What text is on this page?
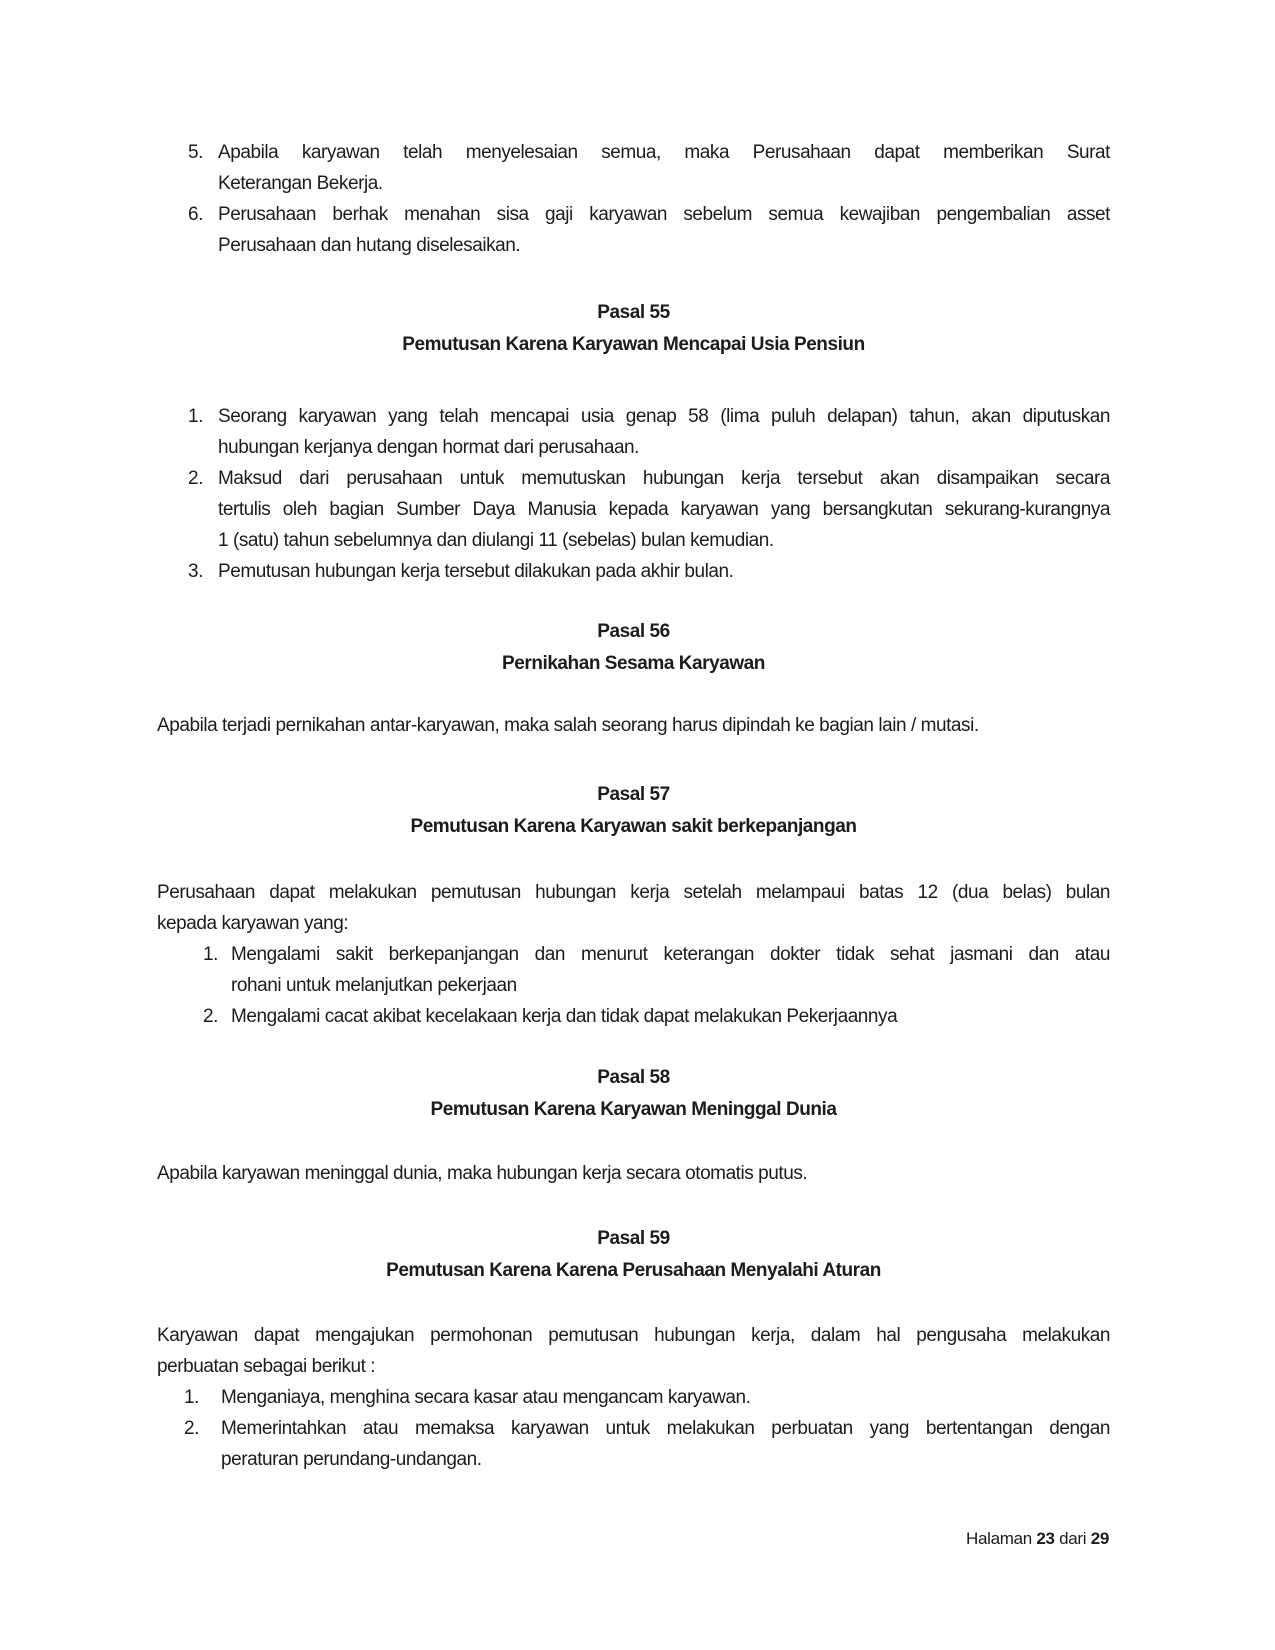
5. Apabila karyawan telah menyelesaian semua, maka Perusahaan dapat memberikan Surat
Keterangan Bekerja.
6. Perusahaan berhak menahan sisa gaji karyawan sebelum semua kewajiban pengembalian asset
Perusahaan dan hutang diselesaikan.
Pasal 55
Pemutusan Karena Karyawan Mencapai Usia Pensiun
1. Seorang karyawan yang telah mencapai usia genap 58 (lima puluh delapan) tahun, akan diputuskan
hubungan kerjanya dengan hormat dari perusahaan.
2. Maksud dari perusahaan untuk memutuskan hubungan kerja tersebut akan disampaikan secara
tertulis oleh bagian Sumber Daya Manusia kepada karyawan yang bersangkutan sekurang-kurangnya
1 (satu) tahun sebelumnya dan diulangi 11 (sebelas) bulan kemudian.
3. Pemutusan hubungan kerja tersebut dilakukan pada akhir bulan.
Pasal 56
Pernikahan Sesama Karyawan
Apabila terjadi pernikahan antar-karyawan, maka salah seorang harus dipindah ke bagian lain / mutasi.
Pasal 57
Pemutusan Karena Karyawan sakit berkepanjangan
Perusahaan dapat melakukan pemutusan hubungan kerja setelah melampaui batas 12 (dua belas) bulan
kepada karyawan yang:
1. Mengalami sakit berkepanjangan dan menurut keterangan dokter tidak sehat jasmani dan atau
rohani untuk melanjutkan pekerjaan
2. Mengalami cacat akibat kecelakaan kerja dan tidak dapat melakukan Pekerjaannya
Pasal 58
Pemutusan Karena Karyawan Meninggal Dunia
Apabila karyawan meninggal dunia, maka hubungan kerja secara otomatis putus.
Pasal 59
Pemutusan Karena Karena Perusahaan Menyalahi Aturan
Karyawan dapat mengajukan permohonan pemutusan hubungan kerja, dalam hal pengusaha melakukan
perbuatan sebagai berikut :
1. Menganiaya, menghina secara kasar atau mengancam karyawan.
2. Memerintahkan atau memaksa karyawan untuk melakukan perbuatan yang bertentangan dengan
peraturan perundang-undangan.
Halaman 23 dari 29
